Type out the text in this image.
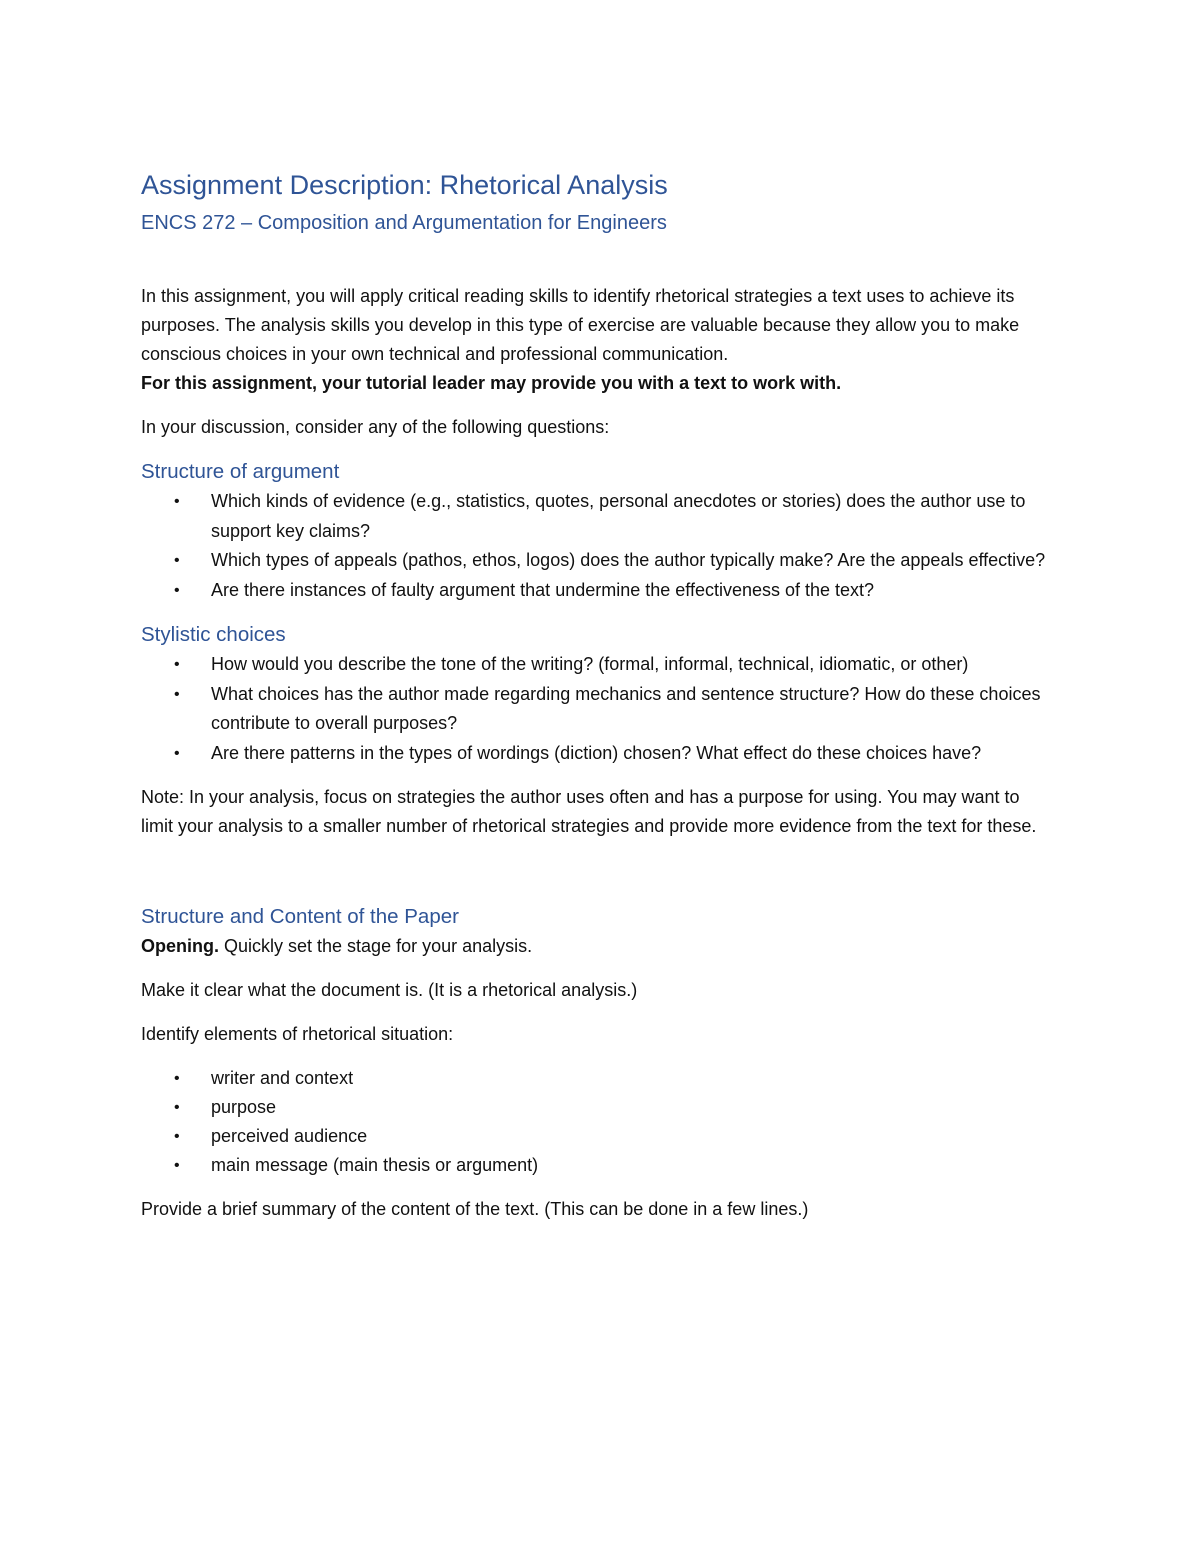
Assignment Description: Rhetorical Analysis
ENCS 272 – Composition and Argumentation for Engineers

In this assignment, you will apply critical reading skills to identify rhetorical strategies a text uses to achieve its purposes. The analysis skills you develop in this type of exercise are valuable because they allow you to make conscious choices in your own technical and professional communication.

For this assignment, your tutorial leader may provide you with a text to work with.

In your discussion, consider any of the following questions:

Structure of argument
• Which kinds of evidence (e.g., statistics, quotes, personal anecdotes or stories) does the author use to support key claims?
• Which types of appeals (pathos, ethos, logos) does the author typically make? Are the appeals effective?
• Are there instances of faulty argument that undermine the effectiveness of the text?
Stylistic choices
• How would you describe the tone of the writing? (formal, informal, technical, idiomatic, or other)
• What choices has the author made regarding mechanics and sentence structure? How do these choices contribute to overall purposes?
• Are there patterns in the types of wordings (diction) chosen? What effect do these choices have?

Note: In your analysis, focus on strategies the author uses often and has a purpose for using. You may want to limit your analysis to a smaller number of rhetorical strategies and provide more evidence from the text for these.

Structure and Content of the Paper

Opening. Quickly set the stage for your analysis.

Make it clear what the document is. (It is a rhetorical analysis.)

Identify elements of rhetorical situation:

• writer and context
• purpose
• perceived audience
• main message (main thesis or argument)

Provide a brief summary of the content of the text. (This can be done in a few lines.)
